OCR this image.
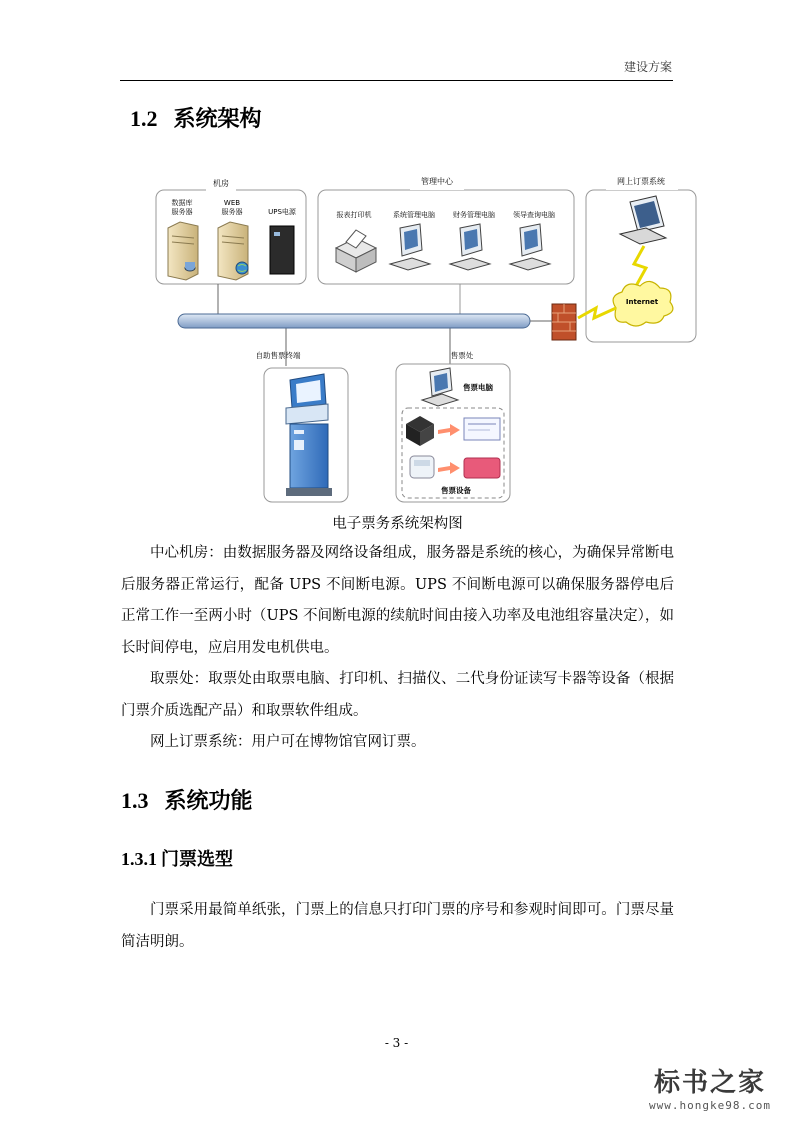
建设方案
1.2 系统架构
机房
数据库
服务器
WEB
服务器	UPS电源
管理中心
报表打印机	系统管理电脑	财务管理电脑	领导查询电脑
网上订票系统
Internet
自助售票终端	售票处
售票电脑
售票设备
电子票务系统架构图

中心机房：由数据服务器及网络设备组成，服务器是系统的核心，为确保异常断电后服务器正常运行，配备 UPS 不间断电源。UPS 不间断电源可以确保服务器停电后正常工作一至两小时（UPS 不间断电源的续航时间由接入功率及电池组容量决定），如长时间停电，应启用发电机供电。

取票处：取票处由取票电脑、打印机、扫描仪、二代身份证读写卡器等设备（根据门票介质选配产品）和取票软件组成。

网上订票系统：用户可在博物馆官网订票。

1.3 系统功能
1.3.1 门票选型

门票采用最简单纸张，门票上的信息只打印门票的序号和参观时间即可。门票尽量简洁明朗。

- 3 -
标书之家
www.hongke98.com
